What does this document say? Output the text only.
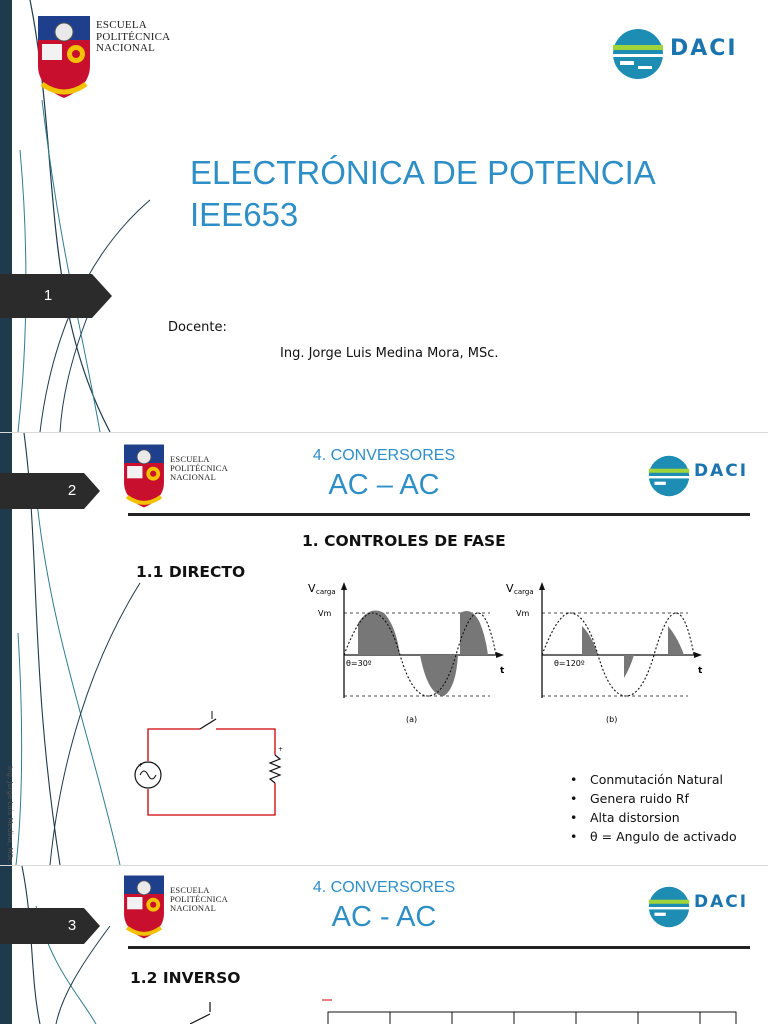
ESCUELA
POLITÉCNICA
NACIONAL	DACI
ELECTRÓNICA DE POTENCIA
IEE653
1
Docente:
Ing. Jorge Luis Medina Mora, MSc.
ESCUELA
POLITÉCNICA
NACIONAL
4. CONVERSORES
AC – AC	DACI
2
1. CONTROLES DE FASE
1.1 DIRECTO
V carga
Vm
θ=30º
t
(a)
V carga
Vm
θ=120º
t
(b)
+
+
• Conmutación Natural
• Genera ruido Rf
• Alta distorsion
• θ = Angulo de activado
Ing. Jorge Luis Medina, MSc.
ESCUELA
POLITÉCNICA
NACIONAL
4. CONVERSORES
AC - AC	DACI
3
1.2 INVERSO
